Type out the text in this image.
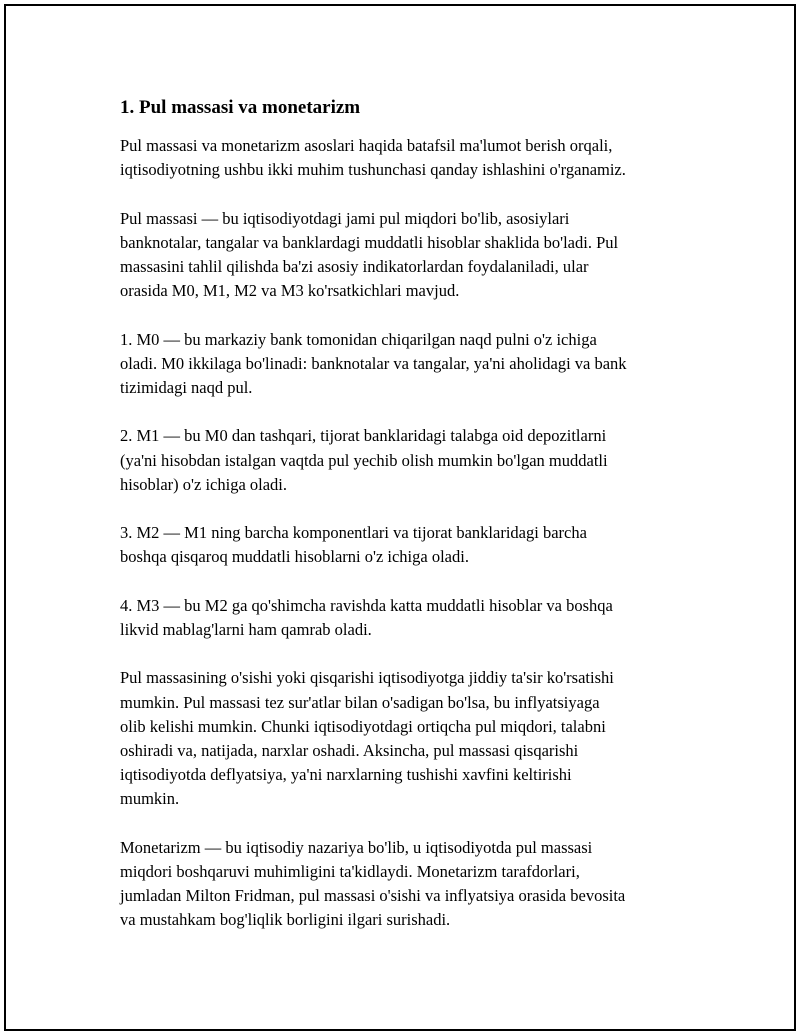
1. Pul massasi va monetarizm

Pul massasi va monetarizm asoslari haqida batafsil ma'lumot berish orqali,
iqtisodiyotning ushbu ikki muhim tushunchasi qanday ishlashini o'rganamiz.

Pul massasi — bu iqtisodiyotdagi jami pul miqdori bo'lib, asosiylari
banknotalar, tangalar va banklardagi muddatli hisoblar shaklida bo'ladi. Pul
massasini tahlil qilishda ba'zi asosiy indikatorlardan foydalaniladi, ular
orasida M0, M1, M2 va M3 ko'rsatkichlari mavjud.

1. M0 — bu markaziy bank tomonidan chiqarilgan naqd pulni o'z ichiga
oladi. M0 ikkilaga bo'linadi: banknotalar va tangalar, ya'ni aholidagi va bank
tizimidagi naqd pul.

2. M1 — bu M0 dan tashqari, tijorat banklaridagi talabga oid depozitlarni
(ya'ni hisobdan istalgan vaqtda pul yechib olish mumkin bo'lgan muddatli
hisoblar) o'z ichiga oladi.

3. M2 — M1 ning barcha komponentlari va tijorat banklaridagi barcha
boshqa qisqaroq muddatli hisoblarni o'z ichiga oladi.

4. M3 — bu M2 ga qo'shimcha ravishda katta muddatli hisoblar va boshqa
likvid mablag'larni ham qamrab oladi.

Pul massasining o'sishi yoki qisqarishi iqtisodiyotga jiddiy ta'sir ko'rsatishi
mumkin. Pul massasi tez sur'atlar bilan o'sadigan bo'lsa, bu inflyatsiyaga
olib kelishi mumkin. Chunki iqtisodiyotdagi ortiqcha pul miqdori, talabni
oshiradi va, natijada, narxlar oshadi. Aksincha, pul massasi qisqarishi
iqtisodiyotda deflyatsiya, ya'ni narxlarning tushishi xavfini keltirishi
mumkin.

Monetarizm — bu iqtisodiy nazariya bo'lib, u iqtisodiyotda pul massasi
miqdori boshqaruvi muhimligini ta'kidlaydi. Monetarizm tarafdorlari,
jumladan Milton Fridman, pul massasi o'sishi va inflyatsiya orasida bevosita
va mustahkam bog'liqlik borligini ilgari surishadi.
